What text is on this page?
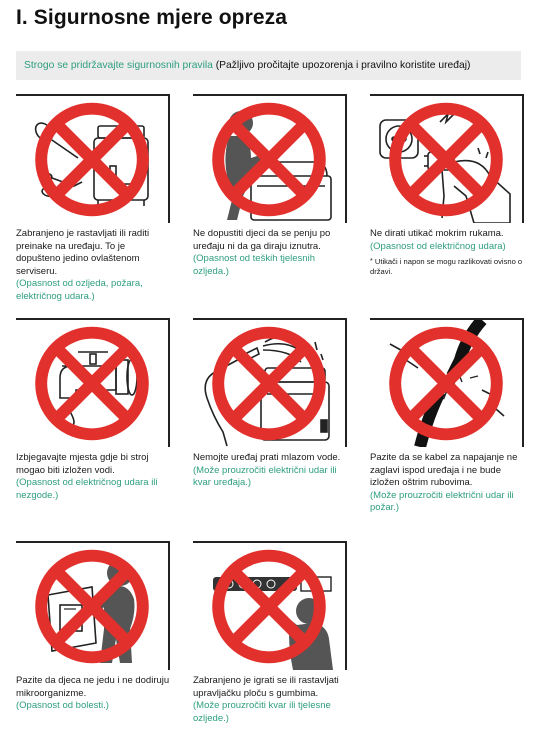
I. Sigurnosne mjere opreza
Strogo se pridržavajte sigurnosnih pravila (Pažljivo pročitajte upozorenja i pravilno koristite uređaj)
Zabranjeno je rastavljati ili raditi preinake na uređaju. To je dopušteno jedino ovlaštenom serviseru.
(Opasnost od ozljeda, požara, električnog udara.)
Ne dopustiti djeci da se penju po uređaju ni da ga diraju iznutra.
(Opasnost od teških tjelesnih ozljeda.)
Ne dirati utikač mokrim rukama.
(Opasnost od električnog udara)
* Utikači i napon se mogu razlikovati ovisno o državi.
Izbjegavajte mjesta gdje bi stroj mogao biti izložen vodi.
(Opasnost od električnog udara ili nezgode.)
Nemojte uređaj prati mlazom vode.
(Može prouzročiti električni udar ili kvar uređaja.)
Pazite da se kabel za napajanje ne zaglavi ispod uređaja i ne bude izložen oštrim rubovima.
(Može prouzročiti električni udar ili požar.)
Pazite da djeca ne jedu i ne dodiruju mikroorganizme.
(Opasnost od bolesti.)
Zabranjeno je igrati se ili rastavljati upravljačku ploču s gumbima.
(Može prouzročiti kvar ili tjelesne ozljede.)
